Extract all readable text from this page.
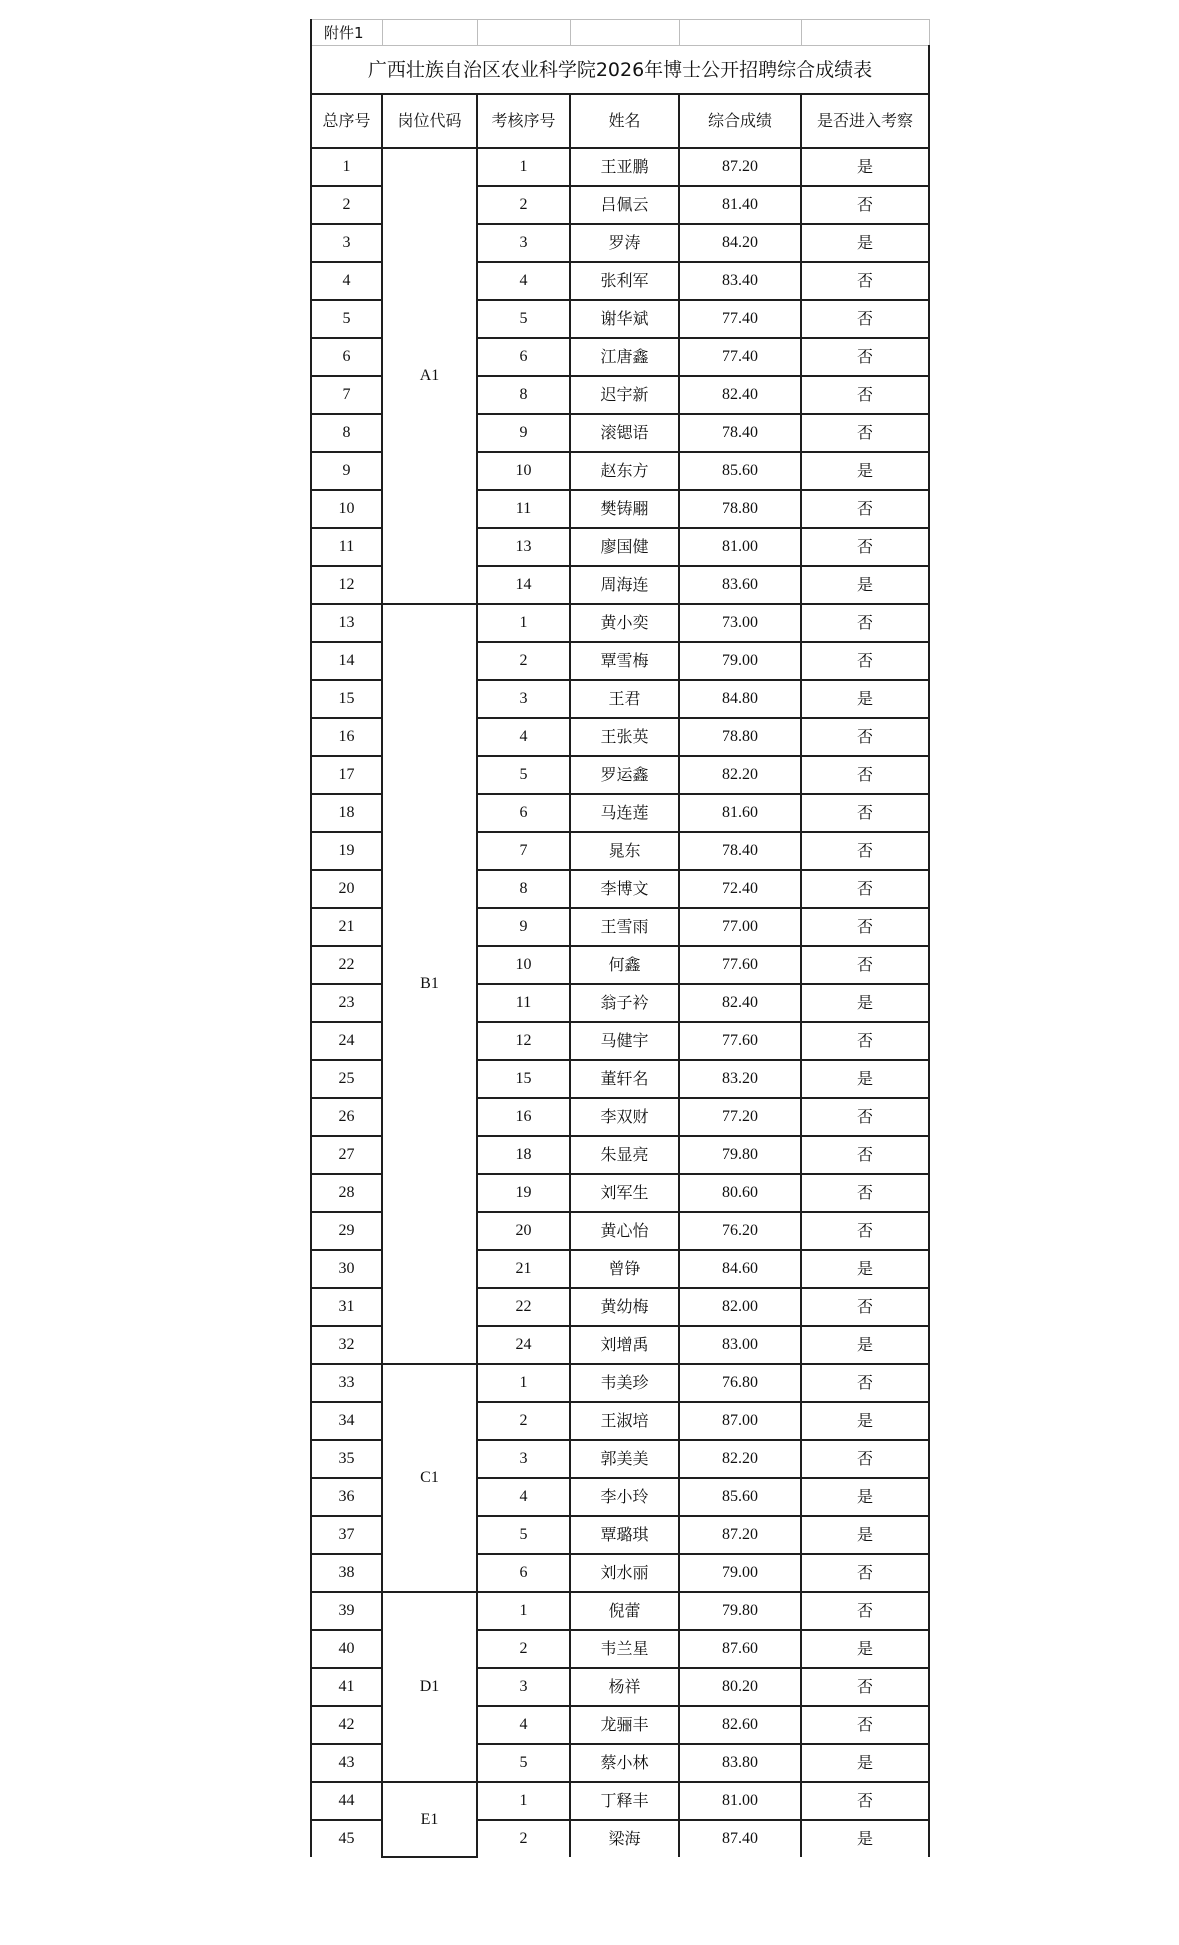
附件1					
广西壮族自治区农业科学院2026年博士公开招聘综合成绩表					
总序号	岗位代码	考核序号	姓名	综合成绩	是否进入考察
1	A1	1	王亚鹏	87.20	是
2		2	吕佩云	81.40	否
3		3	罗涛	84.20	是
4		4	张利军	83.40	否
5		5	谢华斌	77.40	否
6		6	江唐鑫	77.40	否
7		8	迟宇新	82.40	否
8		9	滚锶语	78.40	否
9		10	赵东方	85.60	是
10		11	樊铸翢	78.80	否
11		13	廖国健	81.00	否
12		14	周海连	83.60	是
13	B1	1	黄小奕	73.00	否
14		2	覃雪梅	79.00	否
15		3	王君	84.80	是
16		4	王张英	78.80	否
17		5	罗运鑫	82.20	否
18		6	马连莲	81.60	否
19		7	晁东	78.40	否
20		8	李博文	72.40	否
21		9	王雪雨	77.00	否
22		10	何鑫	77.60	否
23		11	翁子衿	82.40	是
24		12	马健宇	77.60	否
25		15	董轩名	83.20	是
26		16	李双财	77.20	否
27		18	朱显亮	79.80	否
28		19	刘军生	80.60	否
29		20	黄心怡	76.20	否
30		21	曾铮	84.60	是
31		22	黄幼梅	82.00	否
32		24	刘增禹	83.00	是
33	C1	1	韦美珍	76.80	否
34		2	王淑培	87.00	是
35		3	郭美美	82.20	否
36		4	李小玲	85.60	是
37		5	覃璐琪	87.20	是
38		6	刘水丽	79.00	否
39	D1	1	倪蕾	79.80	否
40		2	韦兰星	87.60	是
41		3	杨祥	80.20	否
42		4	龙骊丰	82.60	否
43		5	蔡小林	83.80	是
44	E1	1	丁释丰	81.00	否
45		2	梁海	87.40	是
